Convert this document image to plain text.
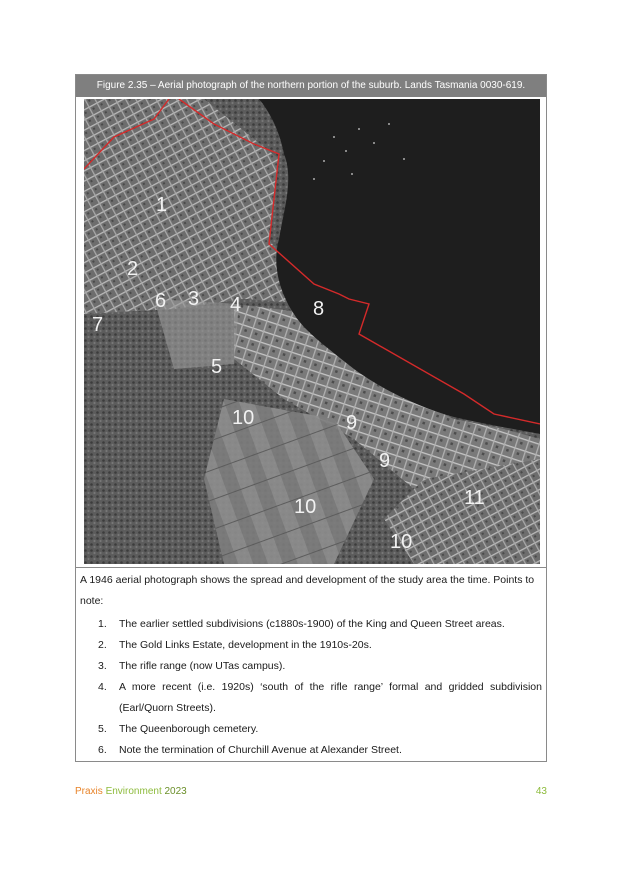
Figure 2.35 – Aerial photograph of the northern portion of the suburb. Lands Tasmania 0030-619.
1
2
6 3 4
7
8
5
10	9
9
10	11
10

A 1946 aerial photograph shows the spread and development of the study area the time. Points to note:

1. The earlier settled subdivisions (c1880s-1900) of the King and Queen Street areas.
2. The Gold Links Estate, development in the 1910s-20s.
3. The rifle range (now UTas campus).
4. A more recent (i.e. 1920s) ‘south of the rifle range’ formal and gridded subdivision (Earl/Quorn Streets).
5. The Queenborough cemetery.
6. Note the termination of Churchill Avenue at Alexander Street.
Praxis Environment 2023	43
